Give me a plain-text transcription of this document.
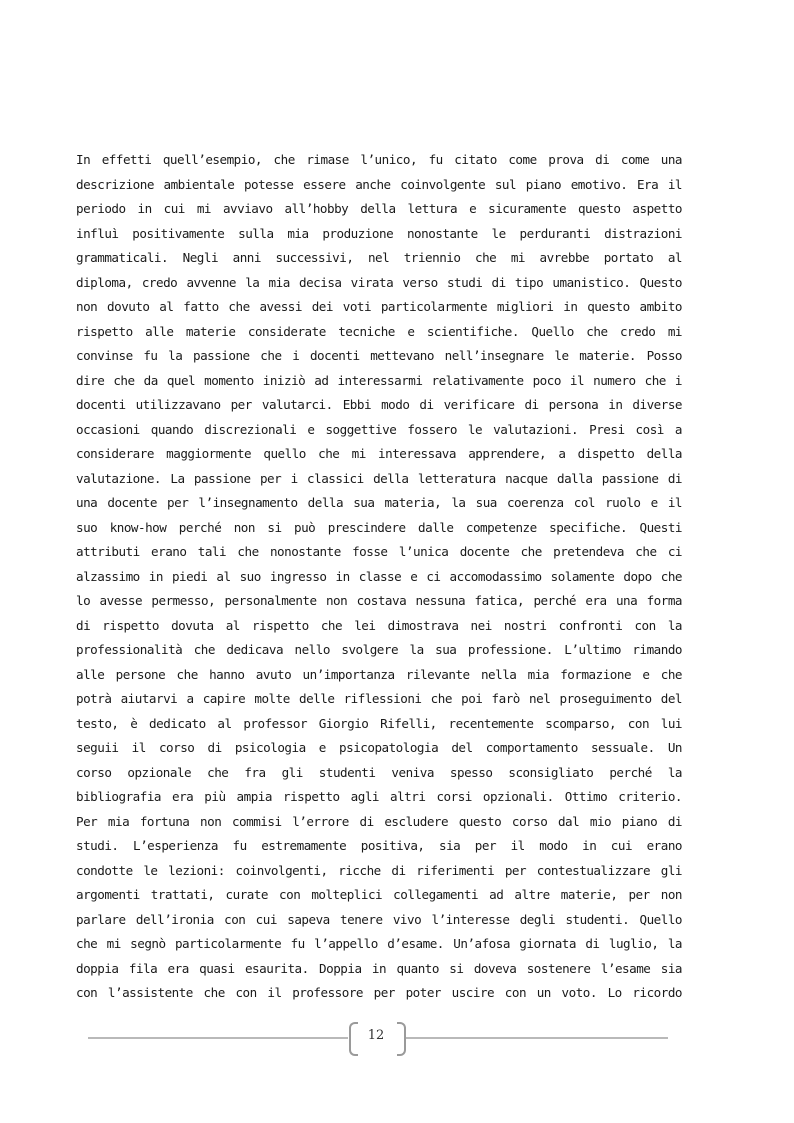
In effetti quell’esempio, che rimase l’unico, fu citato come prova di come una
descrizione ambientale potesse essere anche coinvolgente sul piano emotivo. Era il
periodo in cui mi avviavo all’hobby della lettura e sicuramente questo aspetto
influì positivamente sulla mia produzione nonostante le perduranti distrazioni
grammaticali. Negli anni successivi, nel triennio che mi avrebbe portato al
diploma, credo avvenne la mia decisa virata verso studi di tipo umanistico. Questo
non dovuto al fatto che avessi dei voti particolarmente migliori in questo ambito
rispetto alle materie considerate tecniche e scientifiche. Quello che credo mi
convinse fu la passione che i docenti mettevano nell’insegnare le materie. Posso
dire che da quel momento iniziò ad interessarmi relativamente poco il numero che i
docenti utilizzavano per valutarci. Ebbi modo di verificare di persona in diverse
occasioni quando discrezionali e soggettive fossero le valutazioni. Presi così a
considerare maggiormente quello che mi interessava apprendere, a dispetto della
valutazione. La passione per i classici della letteratura nacque dalla passione di
una docente per l’insegnamento della sua materia, la sua coerenza col ruolo e il
suo know-how perché non si può prescindere dalle competenze specifiche. Questi
attributi erano tali che nonostante fosse l’unica docente che pretendeva che ci
alzassimo in piedi al suo ingresso in classe e ci accomodassimo solamente dopo che
lo avesse permesso, personalmente non costava nessuna fatica, perché era una forma
di rispetto dovuta al rispetto che lei dimostrava nei nostri confronti con la
professionalità che dedicava nello svolgere la sua professione. L’ultimo rimando
alle persone che hanno avuto un’importanza rilevante nella mia formazione e che
potrà aiutarvi a capire molte delle riflessioni che poi farò nel proseguimento del
testo, è dedicato al professor Giorgio Rifelli, recentemente scomparso, con lui
seguii il corso di psicologia e psicopatologia del comportamento sessuale. Un
corso opzionale che fra gli studenti veniva spesso sconsigliato perché la
bibliografia era più ampia rispetto agli altri corsi opzionali. Ottimo criterio.
Per mia fortuna non commisi l’errore di escludere questo corso dal mio piano di
studi. L’esperienza fu estremamente positiva, sia per il modo in cui erano
condotte le lezioni: coinvolgenti, ricche di riferimenti per contestualizzare gli
argomenti trattati, curate con molteplici collegamenti ad altre materie, per non
parlare dell’ironia con cui sapeva tenere vivo l’interesse degli studenti. Quello
che mi segnò particolarmente fu l’appello d’esame. Un’afosa giornata di luglio, la
doppia fila era quasi esaurita. Doppia in quanto si doveva sostenere l’esame sia
con l’assistente che con il professore per poter uscire con un voto. Lo ricordo
12
